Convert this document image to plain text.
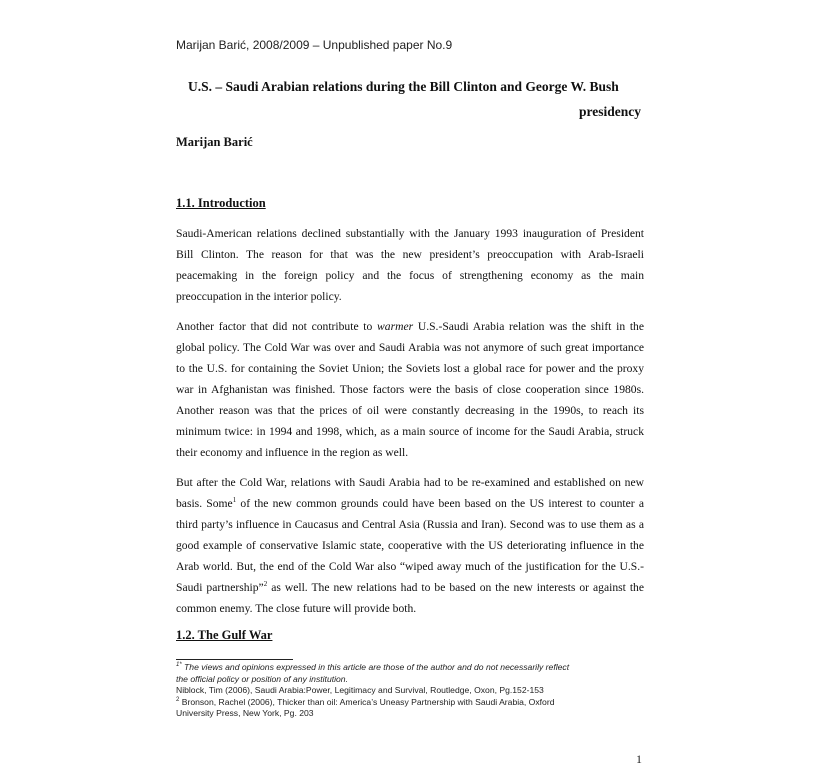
Marijan Barić, 2008/2009 – Unpublished paper No.9
U.S. – Saudi Arabian relations during the Bill Clinton and George W. Bush
presidency
Marijan Barić
1.1. Introduction

Saudi-American relations declined substantially with the January 1993 inauguration of President Bill Clinton. The reason for that was the new president’s preoccupation with Arab-Israeli peacemaking in the foreign policy and the focus of strengthening economy as the main preoccupation in the interior policy.

Another factor that did not contribute to warmer U.S.-Saudi Arabia relation was the shift in the global policy. The Cold War was over and Saudi Arabia was not anymore of such great importance to the U.S. for containing the Soviet Union; the Soviets lost a global race for power and the proxy war in Afghanistan was finished. Those factors were the basis of close cooperation since 1980s. Another reason was that the prices of oil were constantly decreasing in the 1990s, to reach its minimum twice: in 1994 and 1998, which, as a main source of income for the Saudi Arabia, struck their economy and influence in the region as well.

But after the Cold War, relations with Saudi Arabia had to be re-examined and established on new basis. Some$^1$ of the new common grounds could have been based on the US interest to counter a third party’s influence in Caucasus and Central Asia (Russia and Iran). Second was to use them as a good example of conservative Islamic state, cooperative with the US deteriorating influence in the Arab world. But, the end of the Cold War also “wiped away much of the justification for the U.S.-Saudi partnership”$^2$ as well. The new relations had to be based on the new interests or against the common enemy. The close future will provide both.

1.2. The Gulf War
$^{1*}$ The views and opinions expressed in this article are those of the author and do not necessarily reflect
the official policy or position of any institution.
Niblock, Tim (2006), Saudi Arabia:Power, Legitimacy and Survival, Routledge, Oxon, Pg.152-153
$^2$ Bronson, Rachel (2006), Thicker than oil: America’s Uneasy Partnership with Saudi Arabia, Oxford
University Press, New York, Pg. 203
1
